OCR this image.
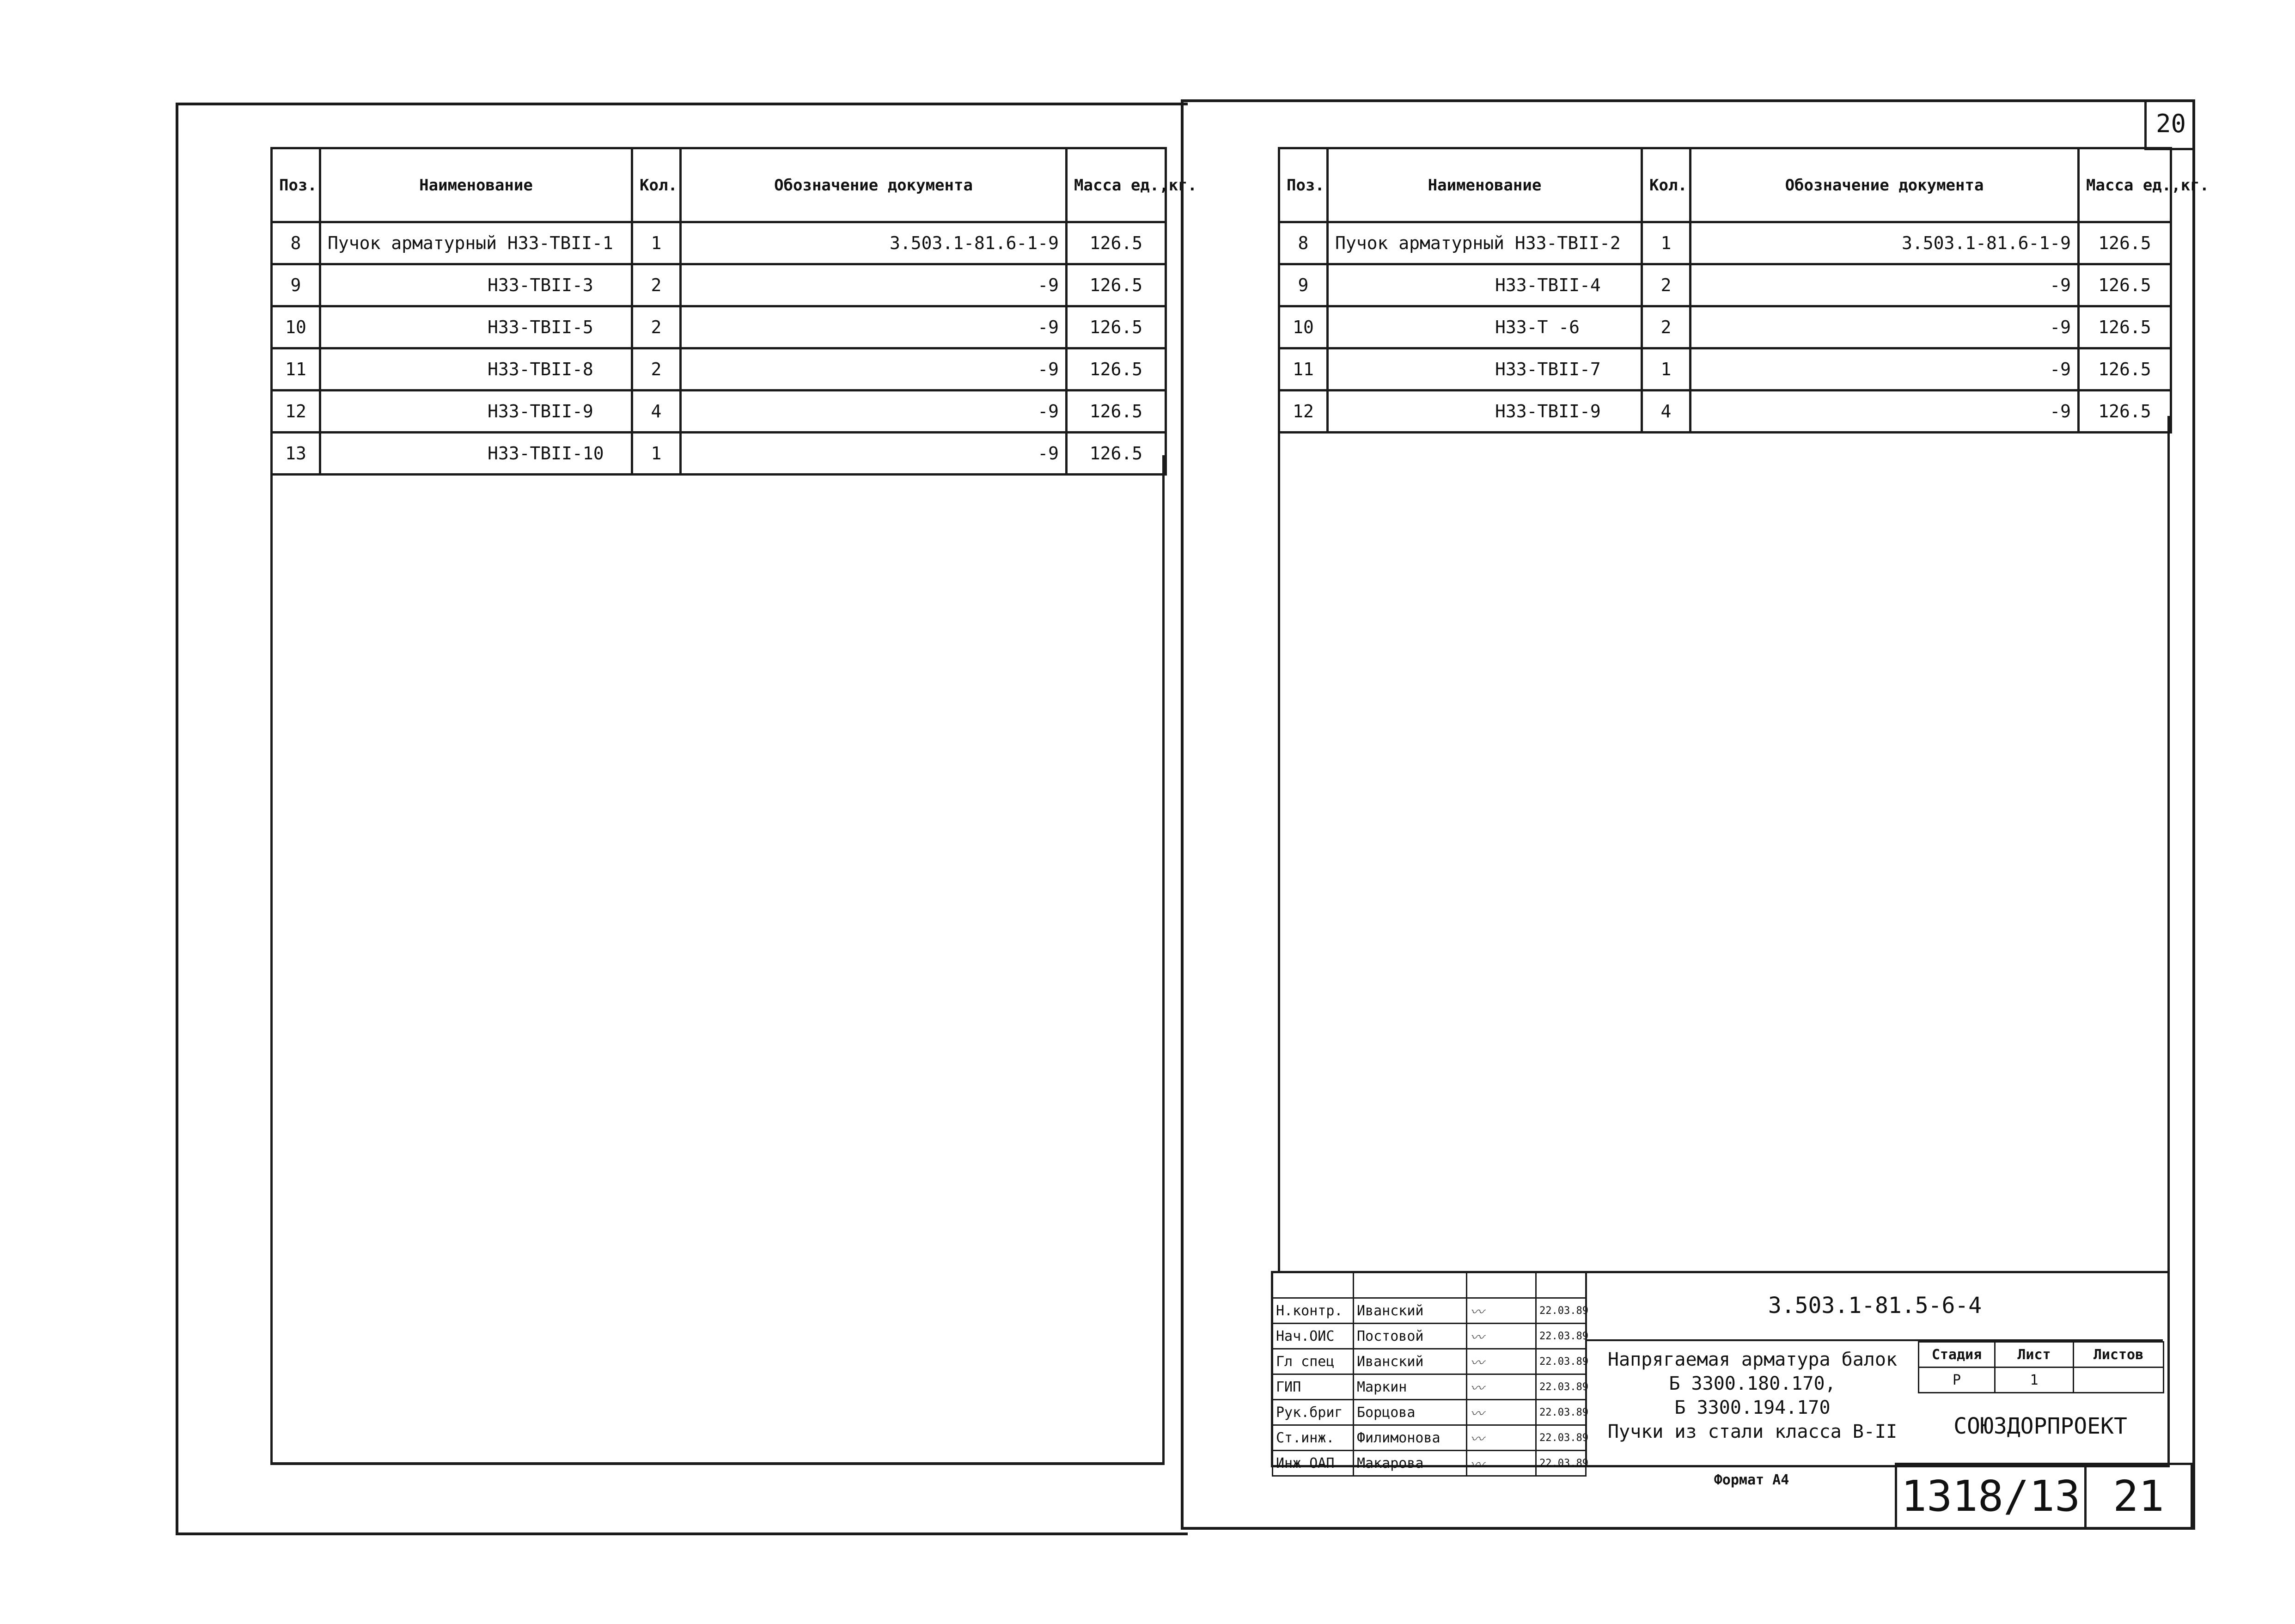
Поз.	Наименование	Кол.	Обозначение документа	Масса ед.,кг.
8	Пучок арматурный Н33-ТВII-1	1	3.503.1-81.6-1-9	126.5
9	Н33-ТВII-3	2	-9	126.5
10	Н33-ТВII-5	2	-9	126.5
11	Н33-ТВII-8	2	-9	126.5
12	Н33-ТВII-9	4	-9	126.5
13	Н33-ТВII-10	1	-9	126.5
20
Поз.	Наименование	Кол.	Обозначение документа	Масса ед.,кг.
8	Пучок арматурный Н33-ТВII-2	1	3.503.1-81.6-1-9	126.5
9	Н33-ТВII-4	2	-9	126.5
10	Н33-Т -6	2	-9	126.5
11	Н33-ТВII-7	1	-9	126.5
12	Н33-ТВII-9	4	-9	126.5

Н.контр.	Иванский	〰	22.03.89
Нач.ОИС	Постовой	〰	22.03.89
Гл спец	Иванский	〰	22.03.89
ГИП	Маркин	〰	22.03.89
Рук.бриг	Борцова	〰	22.03.89
Ст.инж.	Филимонова	〰	22.03.89
Инж ОАП	Макарова	〰	22.03.89
3.503.1-81.5-6-4
Напрягаемая арматура балок
Б 3300.180.170,
Б 3300.194.170
Пучки из стали класса В-II
Стадия	Лист	Листов
Р	1	
СОЮЗДОРПРОЕКТ
Формат А4	1318/13 21
